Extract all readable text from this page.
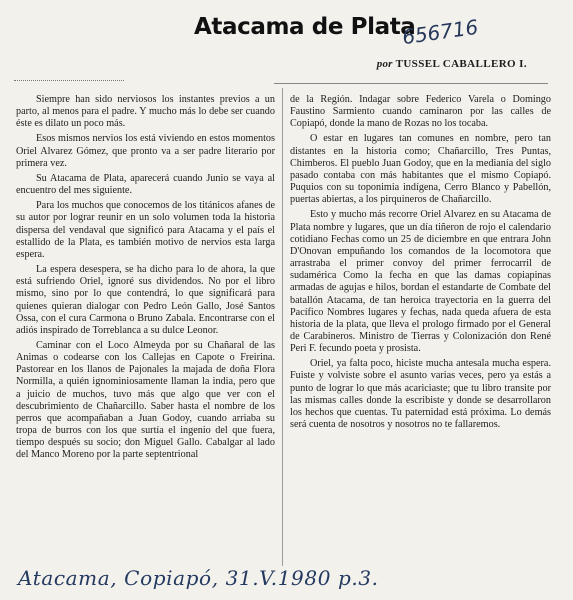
Atacama de Plata
656716
por TUSSEL CABALLERO I.

Siempre han sido nerviosos los instantes previos a un parto, al menos para el padre. Y mucho más lo debe ser cuando éste es dilato un poco más.

Esos mismos nervios los está viviendo en estos momentos Oriel Alvarez Gómez, que pronto va a ser padre literario por primera vez.

Su Atacama de Plata, aparecerá cuando Junio se vaya al encuentro del mes siguiente.

Para los muchos que conocemos de los titánicos afanes de su autor por lograr reunir en un solo volumen toda la historia dispersa del vendaval que significó para Atacama y el país el estallido de la Plata, es también motivo de nervios esta larga espera.

La espera desespera, se ha dicho para lo de ahora, la que está sufriendo Oriel, ignoré sus dividendos. No por el libro mismo, sino por lo que contendrá, lo que significará para quienes quieran dialogar con Pedro León Gallo, José Santos Ossa, con el cura Carmona o Bruno Zabala. Encontrarse con el adiós inspirado de Torreblanca a su dulce Leonor.

Caminar con el Loco Almeyda por su Chañaral de las Animas o codearse con los Callejas en Capote o Freirina. Pastorear en los llanos de Pajonales la majada de doña Flora Normilla, a quién ignominiosamente llaman la india, pero que a juicio de muchos, tuvo más que algo que ver con el descubrimiento de Chañarcillo. Saber hasta el nombre de los perros que acompañaban a Juan Godoy, cuando arriaba su tropa de burros con los que surtía el ingenio del que fuera, tiempo después su socio; don Miguel Gallo. Cabalgar al lado del Manco Moreno por la parte septentrional

de la Región. Indagar sobre Federico Varela o Domingo Faustino Sarmiento cuando caminaron por las calles de Copiapó, donde la mano de Rozas no los tocaba.

O estar en lugares tan comunes en nombre, pero tan distantes en la historia como; Chañarcillo, Tres Puntas, Chimberos. El pueblo Juan Godoy, que en la medianía del siglo pasado contaba con más habitantes que el mismo Copiapó. Puquios con su toponimia indígena, Cerro Blanco y Pabellón, puertas abiertas, a los pirquineros de Chañarcillo.

Esto y mucho más recorre Oriel Alvarez en su Atacama de Plata nombre y lugares, que un día tiñeron de rojo el calendario cotidiano Fechas como un 25 de diciembre en que entrara John D'Onovan empuñando los comandos de la locomotora que arrastraba el primer convoy del primer ferrocarril de sudamérica Como la fecha en que las damas copiapinas armadas de agujas e hilos, bordan el estandarte de Combate del batallón Atacama, de tan heroica trayectoria en la guerra del Pacífico Nombres lugares y fechas, nada queda afuera de esta historia de la plata, que lleva el prologo firmado por el General de Carabineros. Ministro de Tierras y Colonización don René Peri F. fecundo poeta y prosista.

Oriel, ya falta poco, hiciste mucha antesala mucha espera. Fuiste y volviste sobre el asunto varias veces, pero ya estás a punto de lograr lo que más acariciaste; que tu libro transite por las mismas calles donde la escribiste y donde se desarrollaron los hechos que cuentas. Tu paternidad está próxima. Lo demás será cuenta de nosotros y nosotros no te fallaremos.

Atacama, Copiapó, 31.V.1980 p.3.
